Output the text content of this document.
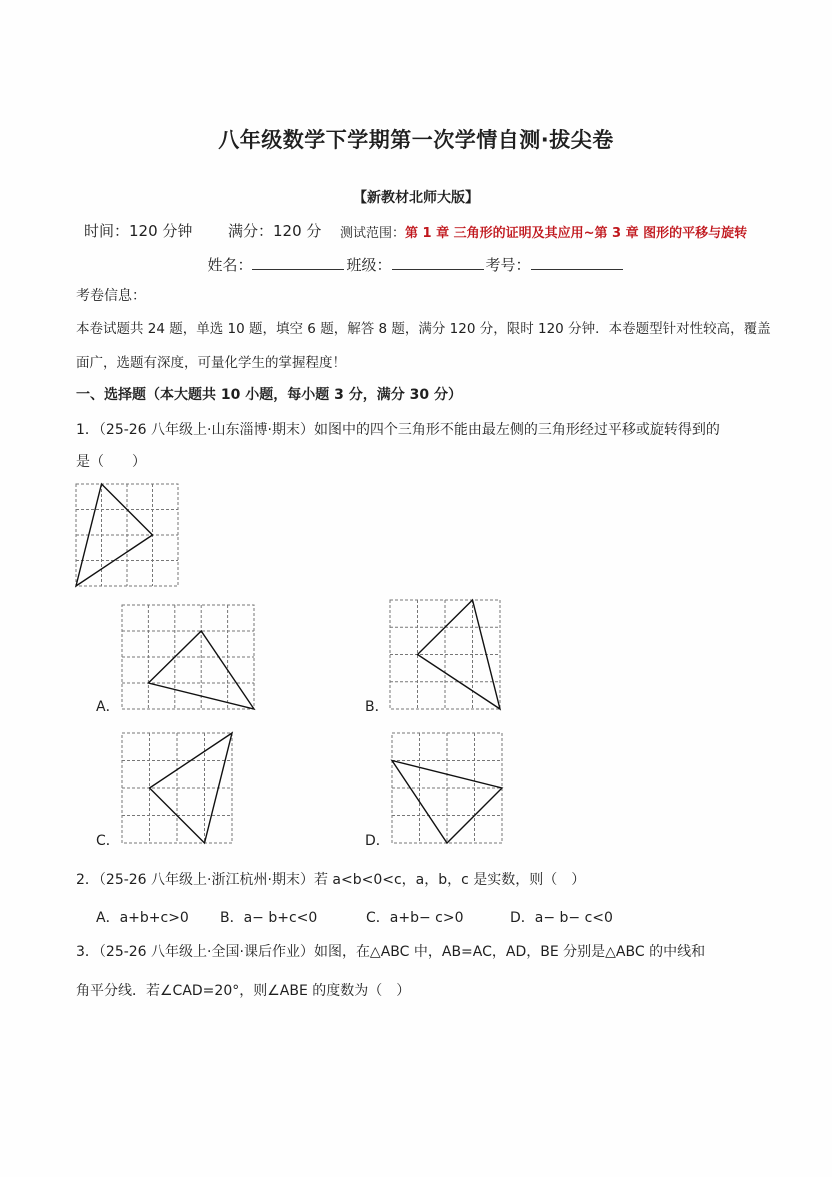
八年级数学下学期第一次学情自测·拔尖卷
【新教材北师大版】
时间：120 分钟 满分：120 分 测试范围：第 1 章 三角形的证明及其应用~第 3 章 图形的平移与旋转
姓名：	班级：	考号：
考卷信息：
本卷试题共 24 题，单选 10 题，填空 6 题，解答 8 题，满分 120 分，限时 120 分钟．本卷题型针对性较高，覆盖
面广，选题有深度，可量化学生的掌握程度！
一、选择题（本大题共 10 小题，每小题 3 分，满分 30 分）
1．（25-26 八年级上·山东淄博·期末）如图中的四个三角形不能由最左侧的三角形经过平移或旋转得到的
是（　　）
A．	B．
C．	D．
2．（25-26 八年级上·浙江杭州·期末）若 a<b<0<c，a，b，c 是实数，则（　）
A．a+b+c>0 B．a− b+c<0	C．a+b− c>0	D．a− b− c<0
3．（25-26 八年级上·全国·课后作业）如图，在△ABC 中，AB=AC，AD，BE 分别是△ABC 的中线和
角平分线．若∠CAD=20°，则∠ABE 的度数为（　）
